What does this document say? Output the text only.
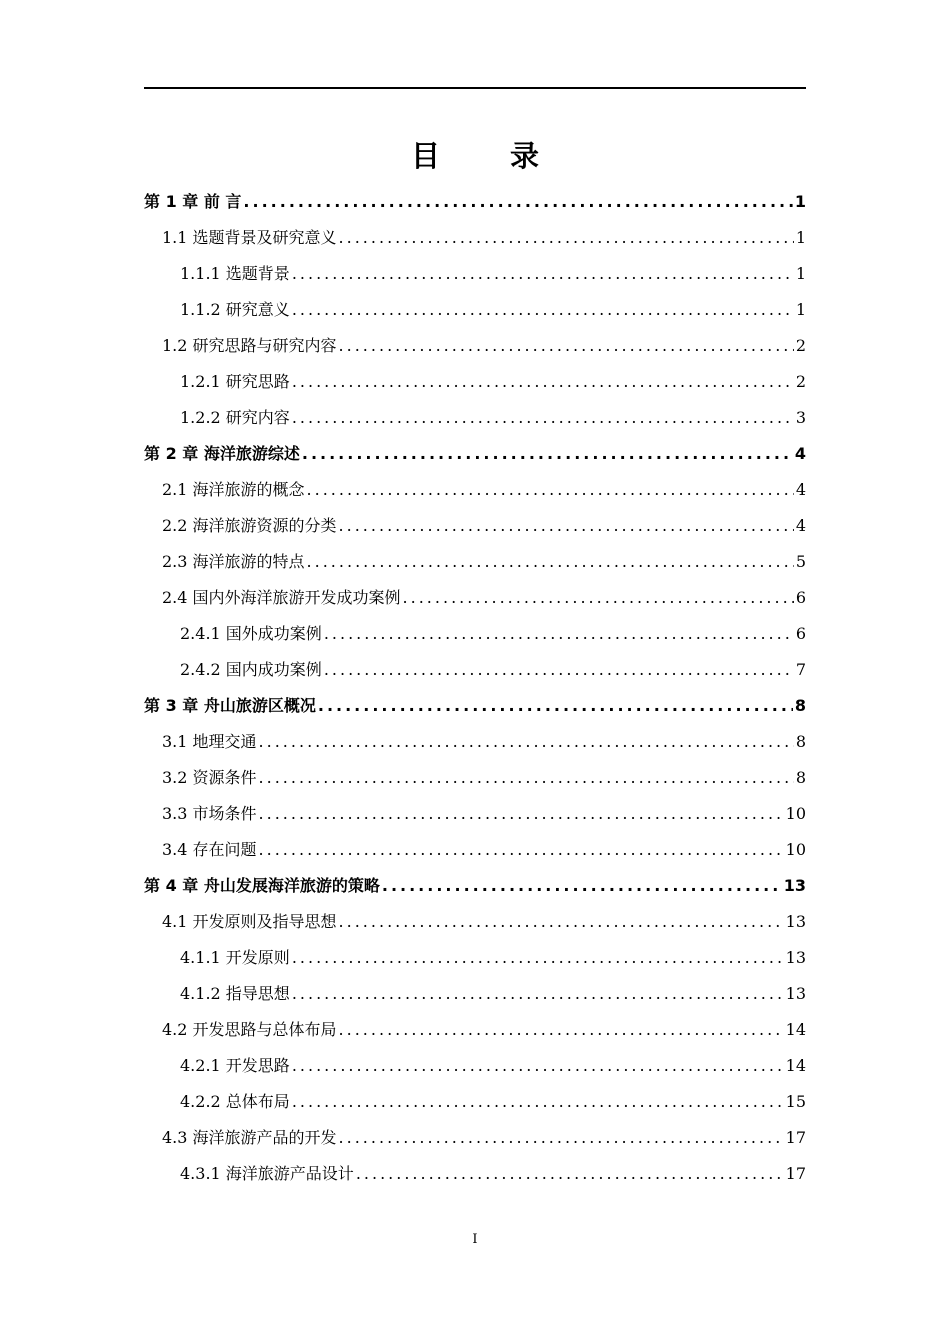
目 录
第 1 章 前 言 .....	1
1.1 选题背景及研究意义 .....	1
1.1.1 选题背景 .....	1
1.1.2 研究意义 .....	1
1.2 研究思路与研究内容 .....	2
1.2.1 研究思路 .....	2
1.2.2 研究内容 .....	3
第 2 章 海洋旅游综述 .....	4
2.1 海洋旅游的概念 .....	4
2.2 海洋旅游资源的分类 .....	4
2.3 海洋旅游的特点 .....	5
2.4 国内外海洋旅游开发成功案例 .....	6
2.4.1 国外成功案例 .....	6
2.4.2 国内成功案例 .....	7
第 3 章 舟山旅游区概况 .....	8
3.1 地理交通 .....	8
3.2 资源条件 .....	8
3.3 市场条件 .....	10
3.4 存在问题 .....	10
第 4 章 舟山发展海洋旅游的策略 .....	13
4.1 开发原则及指导思想 .....	13
4.1.1 开发原则 .....	13
4.1.2 指导思想 .....	13
4.2 开发思路与总体布局 .....	14
4.2.1 开发思路 .....	14
4.2.2 总体布局 .....	15
4.3 海洋旅游产品的开发 .....	17
4.3.1 海洋旅游产品设计 .....	17
I
